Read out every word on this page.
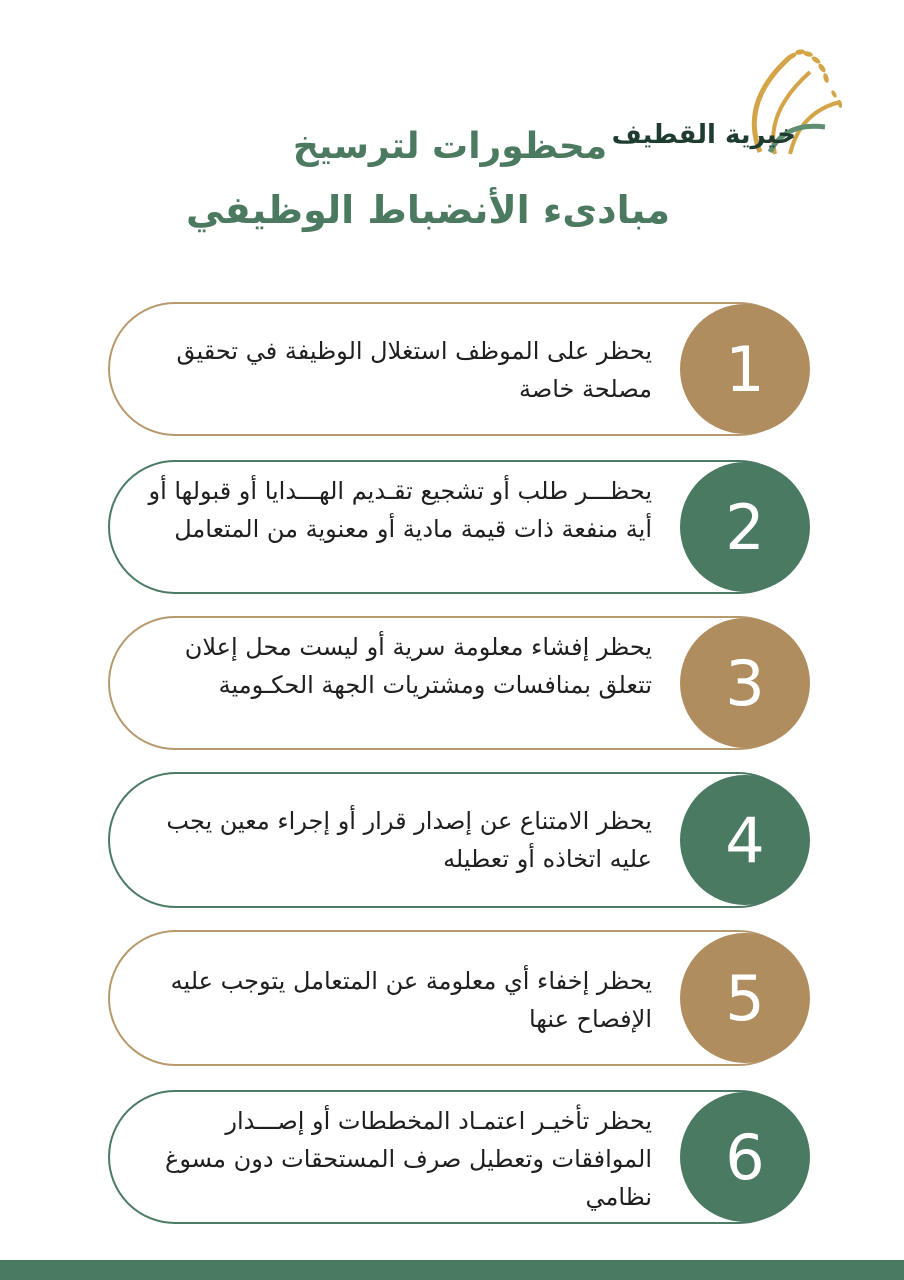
خيرية القطيف
محظورات لترسيخ
مبادىء الأنضباط الوظيفي
يحظر على الموظف استغلال الوظيفة في تحقيق مصلحة خاصة	1
يحظـــر طلب أو تشجيع تقـديم الهـــدايا أو قبولها أو أية منفعة ذات قيمة مادية أو معنوية من المتعامل	2
يحظر إفشاء معلومة سرية أو ليست محل إعلان تتعلق بمنافسات ومشتريات الجهة الحكـومية	3
يحظر الامتناع عن إصدار قرار أو إجراء معين يجب عليه اتخاذه أو تعطيله	4
يحظر إخفاء أي معلومة عن المتعامل يتوجب عليه الإفصاح عنها	5
يحظر تأخيـر اعتمـاد المخططات أو إصـــدار الموافقات وتعطيل صرف المستحقات دون مسوغ نظامي
6
